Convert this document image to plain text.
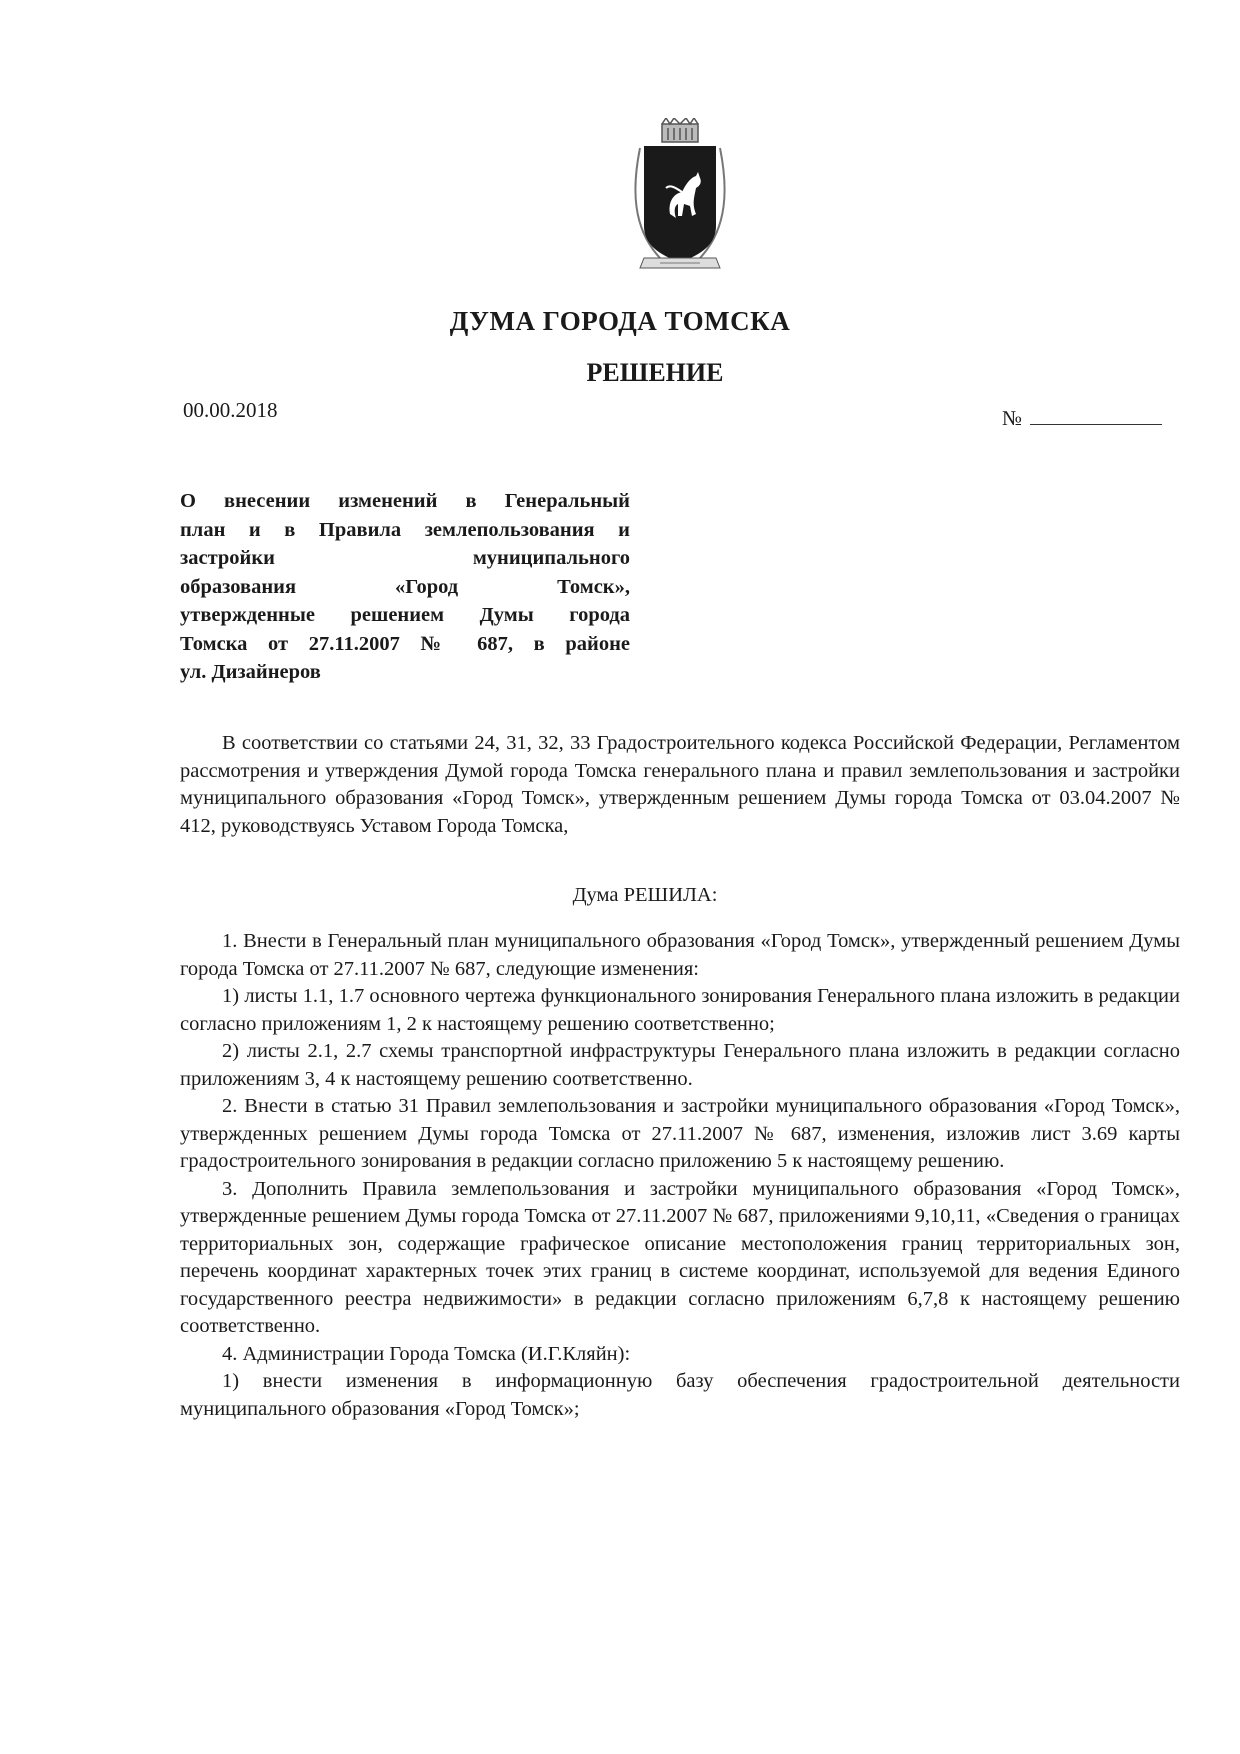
ДУМА ГОРОДА ТОМСКА
РЕШЕНИЕ
00.00.2018	№
О внесении изменений в Генеральный
план и в Правила землепользования и
застройки муниципального
образования «Город Томск»,
утвержденные решением Думы города
Томска от 27.11.2007 № 687, в районе
ул. Дизайнеров

В соответствии со статьями 24, 31, 32, 33 Градостроительного кодекса Российской Федерации, Регламентом рассмотрения и утверждения Думой города Томска генерального плана и правил землепользования и застройки муниципального образования «Город Томск», утвержденным решением Думы города Томска от 03.04.2007 № 412, руководствуясь Уставом Города Томска,

Дума РЕШИЛА:

1. Внести в Генеральный план муниципального образования «Город Томск», утвержденный решением Думы города Томска от 27.11.2007 № 687, следующие изменения:

1) листы 1.1, 1.7 основного чертежа функционального зонирования Генерального плана изложить в редакции согласно приложениям 1, 2 к настоящему решению соответственно;

2) листы 2.1, 2.7 схемы транспортной инфраструктуры Генерального плана изложить в редакции согласно приложениям 3, 4 к настоящему решению соответственно.

2. Внести в статью 31 Правил землепользования и застройки муниципального образования «Город Томск», утвержденных решением Думы города Томска от 27.11.2007 № 687, изменения, изложив лист 3.69 карты градостроительного зонирования в редакции согласно приложению 5 к настоящему решению.

3. Дополнить Правила землепользования и застройки муниципального образования «Город Томск», утвержденные решением Думы города Томска от 27.11.2007 № 687, приложениями 9,10,11, «Сведения о границах территориальных зон, содержащие графическое описание местоположения границ территориальных зон, перечень координат характерных точек этих границ в системе координат, используемой для ведения Единого государственного реестра недвижимости» в редакции согласно приложениям 6,7,8 к настоящему решению соответственно.

4. Администрации Города Томска (И.Г.Кляйн):

1) внести изменения в информационную базу обеспечения градостроительной деятельности муниципального образования «Город Томск»;
